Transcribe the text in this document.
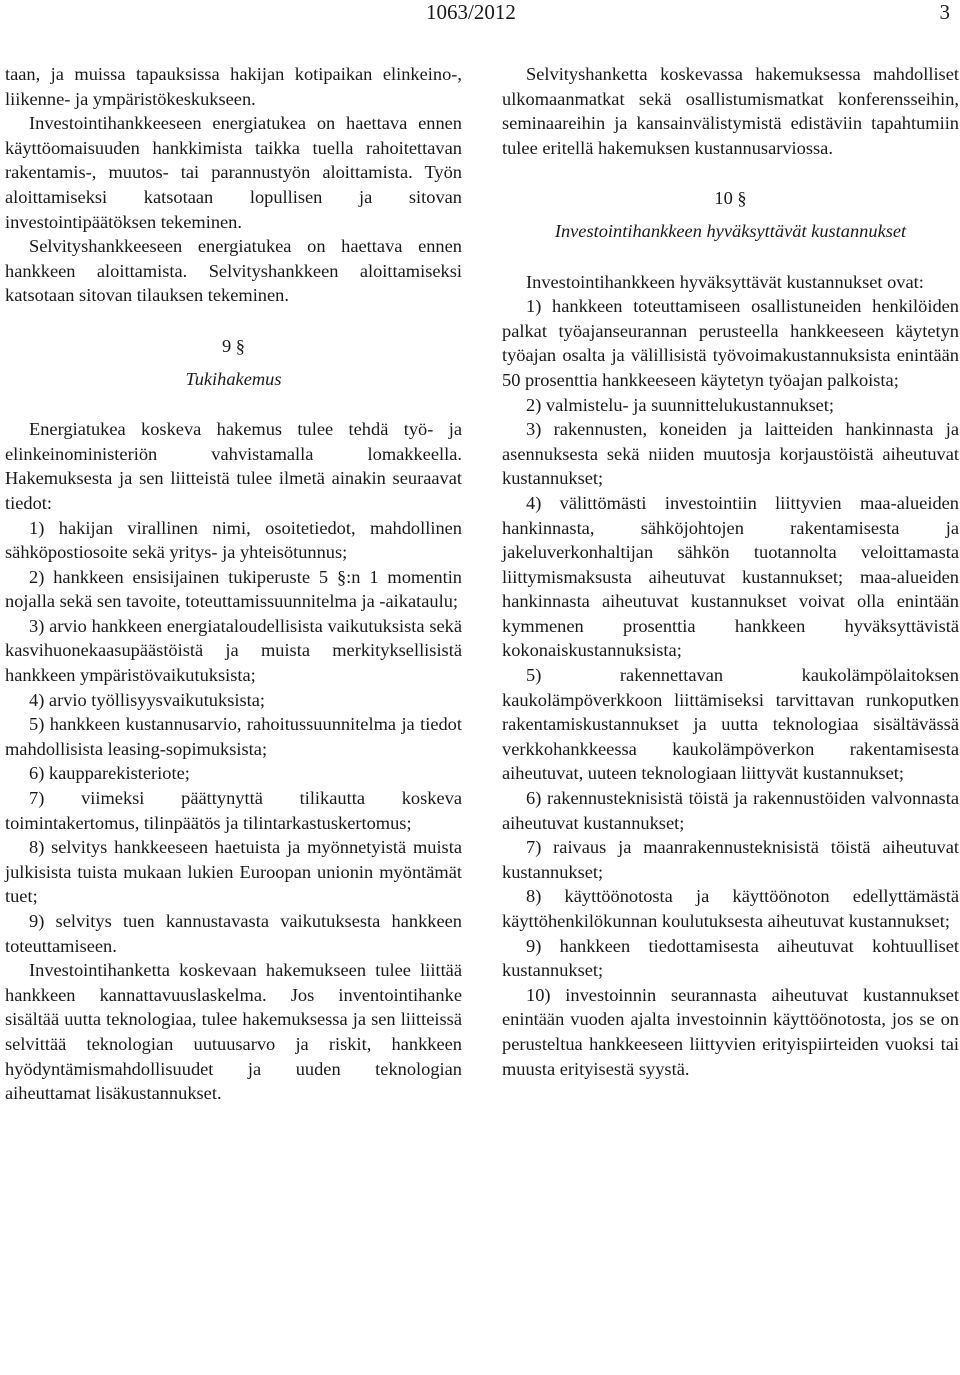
1063/2012	3

taan, ja muissa tapauksissa hakijan kotipaikan elinkeino-, liikenne- ja ympäristökeskukseen.

Investointihankkeeseen energiatukea on haettava ennen käyttöomaisuuden hankkimista taikka tuella rahoitettavan rakentamis-, muutos- tai parannustyön aloittamista. Työn aloittamiseksi katsotaan lopullisen ja sitovan investointipäätöksen tekeminen.

Selvityshankkeeseen energiatukea on haettava ennen hankkeen aloittamista. Selvityshankkeen aloittamiseksi katsotaan sitovan tilauksen tekeminen.

9 §
Tukihakemus

Energiatukea koskeva hakemus tulee tehdä työ- ja elinkeinoministeriön vahvistamalla lomakkeella. Hakemuksesta ja sen liitteistä tulee ilmetä ainakin seuraavat tiedot:

1) hakijan virallinen nimi, osoitetiedot, mahdollinen sähköpostiosoite sekä yritys- ja yhteisötunnus;

2) hankkeen ensisijainen tukiperuste 5 §:n 1 momentin nojalla sekä sen tavoite, toteuttamissuunnitelma ja -aikataulu;

3) arvio hankkeen energiataloudellisista vaikutuksista sekä kasvihuonekaasupäästöistä ja muista merkityksellisistä hankkeen ympäristövaikutuksista;

4) arvio työllisyysvaikutuksista;

5) hankkeen kustannusarvio, rahoitussuunnitelma ja tiedot mahdollisista leasing-sopimuksista;

6) kaupparekisteriote;

7) viimeksi päättynyttä tilikautta koskeva toimintakertomus, tilinpäätös ja tilintarkastuskertomus;

8) selvitys hankkeeseen haetuista ja myönnetyistä muista julkisista tuista mukaan lukien Euroopan unionin myöntämät tuet;

9) selvitys tuen kannustavasta vaikutuksesta hankkeen toteuttamiseen.

Investointihanketta koskevaan hakemukseen tulee liittää hankkeen kannattavuuslaskelma. Jos inventointihanke sisältää uutta teknologiaa, tulee hakemuksessa ja sen liitteissä selvittää teknologian uutuusarvo ja riskit, hankkeen hyödyntämismahdollisuudet ja uuden teknologian aiheuttamat lisäkustannukset.

Selvityshanketta koskevassa hakemuksessa mahdolliset ulkomaanmatkat sekä osallistumismatkat konferensseihin, seminaareihin ja kansainvälistymistä edistäviin tapahtumiin tulee eritellä hakemuksen kustannusarviossa.

10 §
Investointihankkeen hyväksyttävät kustannukset

Investointihankkeen hyväksyttävät kustannukset ovat:

1) hankkeen toteuttamiseen osallistuneiden henkilöiden palkat työajanseurannan perusteella hankkeeseen käytetyn työajan osalta ja välillisistä työvoimakustannuksista enintään 50 prosenttia hankkeeseen käytetyn työajan palkoista;

2) valmistelu- ja suunnittelukustannukset;

3) rakennusten, koneiden ja laitteiden hankinnasta ja asennuksesta sekä niiden muutosja korjaustöistä aiheutuvat kustannukset;

4) välittömästi investointiin liittyvien maa-alueiden hankinnasta, sähköjohtojen rakentamisesta ja jakeluverkonhaltijan sähkön tuotannolta veloittamasta liittymismaksusta aiheutuvat kustannukset; maa-alueiden hankinnasta aiheutuvat kustannukset voivat olla enintään kymmenen prosenttia hankkeen hyväksyttävistä kokonaiskustannuksista;

5) rakennettavan kaukolämpölaitoksen kaukolämpöverkkoon liittämiseksi tarvittavan runkoputken rakentamiskustannukset ja uutta teknologiaa sisältävässä verkkohankkeessa kaukolämpöverkon rakentamisesta aiheutuvat, uuteen teknologiaan liittyvät kustannukset;

6) rakennusteknisistä töistä ja rakennustöiden valvonnasta aiheutuvat kustannukset;

7) raivaus ja maanrakennusteknisistä töistä aiheutuvat kustannukset;

8) käyttöönotosta ja käyttöönoton edellyttämästä käyttöhenkilökunnan koulutuksesta aiheutuvat kustannukset;

9) hankkeen tiedottamisesta aiheutuvat kohtuulliset kustannukset;

10) investoinnin seurannasta aiheutuvat kustannukset enintään vuoden ajalta investoinnin käyttöönotosta, jos se on perusteltua hankkeeseen liittyvien erityispiirteiden vuoksi tai muusta erityisestä syystä.
